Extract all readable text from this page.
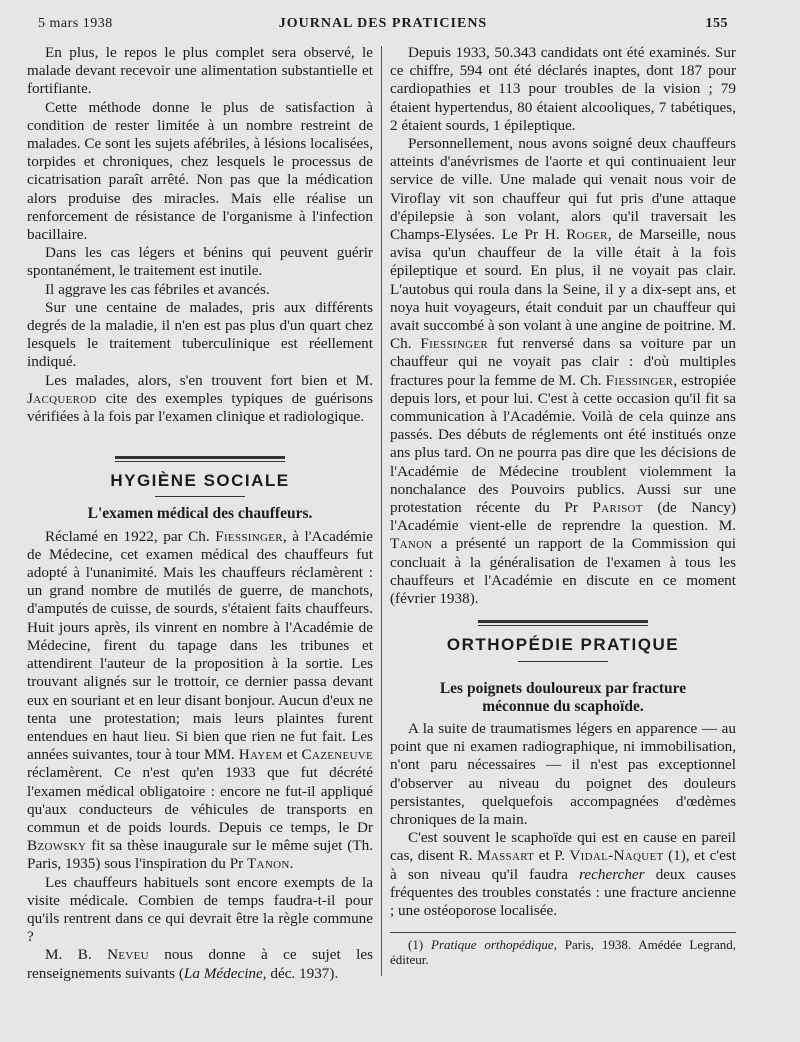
5 mars 1938	JOURNAL DES PRATICIENS	155

En plus, le repos le plus complet sera observé, le malade devant recevoir une alimentation substantielle et fortifiante.

Cette méthode donne le plus de satisfaction à condition de rester limitée à un nombre restreint de malades. Ce sont les sujets afébriles, à lésions localisées, torpides et chroniques, chez lesquels le processus de cicatrisation paraît arrêté. Non pas que la médication alors produise des miracles. Mais elle réalise un renforcement de résistance de l'organisme à l'infection bacillaire.

Dans les cas légers et bénins qui peuvent guérir spontanément, le traitement est inutile.

Il aggrave les cas fébriles et avancés.

Sur une centaine de malades, pris aux différents degrés de la maladie, il n'en est pas plus d'un quart chez lesquels le traitement tuberculinique est réellement indiqué.

Les malades, alors, s'en trouvent fort bien et M. Jacquerod cite des exemples typiques de guérisons vérifiées à la fois par l'examen clinique et radiologique.

HYGIÈNE SOCIALE
L'examen médical des chauffeurs.

Réclamé en 1922, par Ch. Fiessinger, à l'Académie de Médecine, cet examen médical des chauffeurs fut adopté à l'unanimité. Mais les chauffeurs réclamèrent : un grand nombre de mutilés de guerre, de manchots, d'amputés de cuisse, de sourds, s'étaient faits chauffeurs. Huit jours après, ils vinrent en nombre à l'Académie de Médecine, firent du tapage dans les tribunes et attendirent l'auteur de la proposition à la sortie. Les trouvant alignés sur le trottoir, ce dernier passa devant eux en souriant et en leur disant bonjour. Aucun d'eux ne tenta une protestation; mais leurs plaintes furent entendues en haut lieu. Si bien que rien ne fut fait. Les années suivantes, tour à tour MM. Hayem et Cazeneuve réclamèrent. Ce n'est qu'en 1933 que fut décrété l'examen médical obligatoire : encore ne fut-il appliqué qu'aux conducteurs de véhicules de transports en commun et de poids lourds. Depuis ce temps, le Dr Bzowsky fit sa thèse inaugurale sur le même sujet (Th. Paris, 1935) sous l'inspiration du Pr Tanon.

Les chauffeurs habituels sont encore exempts de la visite médicale. Combien de temps faudra-t-il pour qu'ils rentrent dans ce qui devrait être la règle commune ?

M. B. Neveu nous donne à ce sujet les renseignements suivants (La Médecine, déc. 1937).

Depuis 1933, 50.343 candidats ont été examinés. Sur ce chiffre, 594 ont été déclarés inaptes, dont 187 pour cardiopathies et 113 pour troubles de la vision ; 79 étaient hypertendus, 80 étaient alcooliques, 7 tabétiques, 2 étaient sourds, 1 épileptique.

Personnellement, nous avons soigné deux chauffeurs atteints d'anévrismes de l'aorte et qui continuaient leur service de ville. Une malade qui venait nous voir de Viroflay vit son chauffeur qui fut pris d'une attaque d'épilepsie à son volant, alors qu'il traversait les Champs-Elysées. Le Pr H. Roger, de Marseille, nous avisa qu'un chauffeur de la ville était à la fois épileptique et sourd. En plus, il ne voyait pas clair. L'autobus qui roula dans la Seine, il y a dix-sept ans, et noya huit voyageurs, était conduit par un chauffeur qui avait succombé à son volant à une angine de poitrine. M. Ch. Fiessinger fut renversé dans sa voiture par un chauffeur qui ne voyait pas clair : d'où multiples fractures pour la femme de M. Ch. Fiessinger, estropiée depuis lors, et pour lui. C'est à cette occasion qu'il fit sa communication à l'Académie. Voilà de cela quinze ans passés. Des débuts de réglements ont été institués onze ans plus tard. On ne pourra pas dire que les décisions de l'Académie de Médecine troublent violemment la nonchalance des Pouvoirs publics. Aussi sur une protestation récente du Pr Parisot (de Nancy) l'Académie vient-elle de reprendre la question. M. Tanon a présenté un rapport de la Commission qui concluait à la généralisation de l'examen à tous les chauffeurs et l'Académie en discute en ce moment (février 1938).

ORTHOPÉDIE PRATIQUE
Les poignets douloureux par fracture
méconnue du scaphoïde.

A la suite de traumatismes légers en apparence — au point que ni examen radiographique, ni immobilisation, n'ont paru nécessaires — il n'est pas exceptionnel d'observer au niveau du poignet des douleurs persistantes, quelquefois accompagnées d'œdèmes chroniques de la main.

C'est souvent le scaphoïde qui est en cause en pareil cas, disent R. Massart et P. Vidal-Naquet (1), et c'est à son niveau qu'il faudra rechercher deux causes fréquentes des troubles constatés : une fracture ancienne ; une ostéoporose localisée.

(1) Pratique orthopédique, Paris, 1938. Amédée Legrand, éditeur.
